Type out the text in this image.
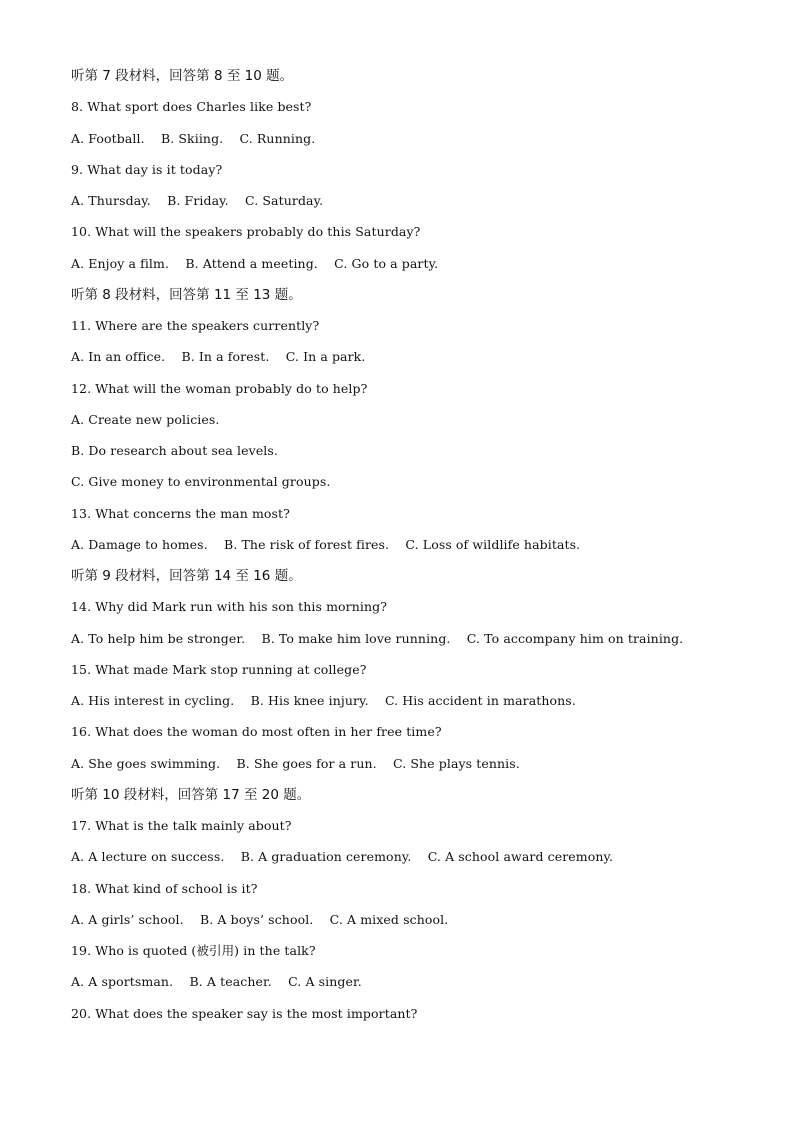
听第 7 段材料，回答第 8 至 10 题。
8. What sport does Charles like best?
A. Football.    B. Skiing.    C. Running.
9. What day is it today?
A. Thursday.    B. Friday.    C. Saturday.
10. What will the speakers probably do this Saturday?
A. Enjoy a film.    B. Attend a meeting.    C. Go to a party.
听第 8 段材料，回答第 11 至 13 题。
11. Where are the speakers currently?
A. In an office.    B. In a forest.    C. In a park.
12. What will the woman probably do to help?
A. Create new policies.
B. Do research about sea levels.
C. Give money to environmental groups.
13. What concerns the man most?
A. Damage to homes.    B. The risk of forest fires.    C. Loss of wildlife habitats.
听第 9 段材料，回答第 14 至 16 题。
14. Why did Mark run with his son this morning?
A. To help him be stronger.    B. To make him love running.    C. To accompany him on training.
15. What made Mark stop running at college?
A. His interest in cycling.    B. His knee injury.    C. His accident in marathons.
16. What does the woman do most often in her free time?
A. She goes swimming.    B. She goes for a run.    C. She plays tennis.
听第 10 段材料，回答第 17 至 20 题。
17. What is the talk mainly about?
A. A lecture on success.    B. A graduation ceremony.    C. A school award ceremony.
18. What kind of school is it?
A. A girls’ school.    B. A boys’ school.    C. A mixed school.
19. Who is quoted (被引用) in the talk?
A. A sportsman.    B. A teacher.    C. A singer.
20. What does the speaker say is the most important?
